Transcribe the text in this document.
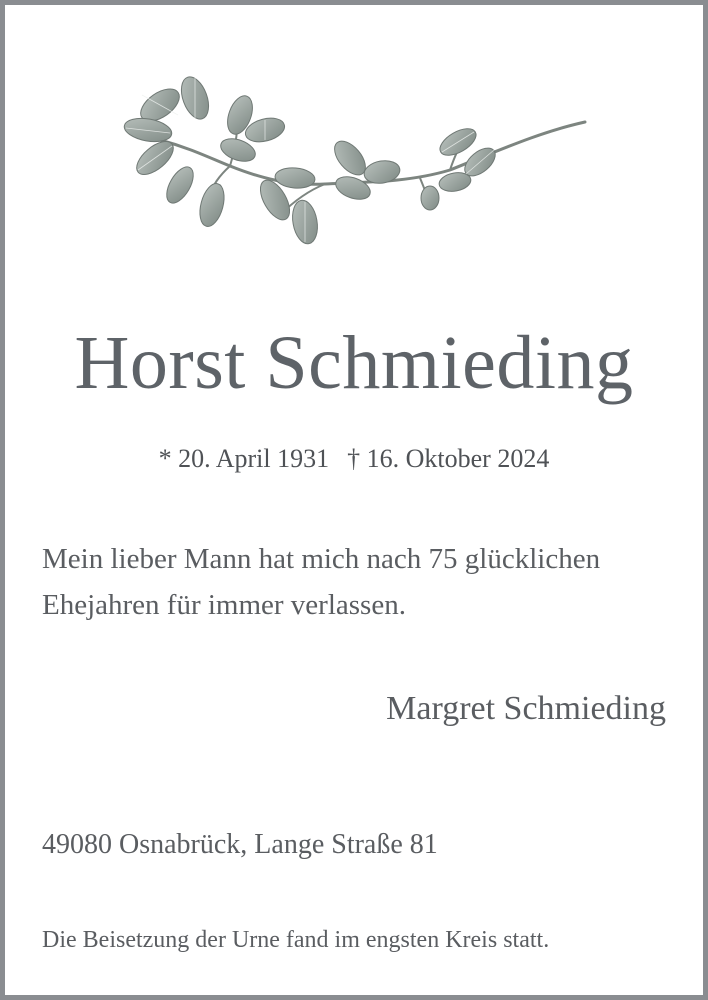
Horst Schmieding
* 20. April 1931 † 16. Oktober 2024
Mein lieber Mann hat mich nach 75 glücklichen
Ehejahren für immer verlassen.
Margret Schmieding
49080 Osnabrück, Lange Straße 81
Die Beisetzung der Urne fand im engsten Kreis statt.
